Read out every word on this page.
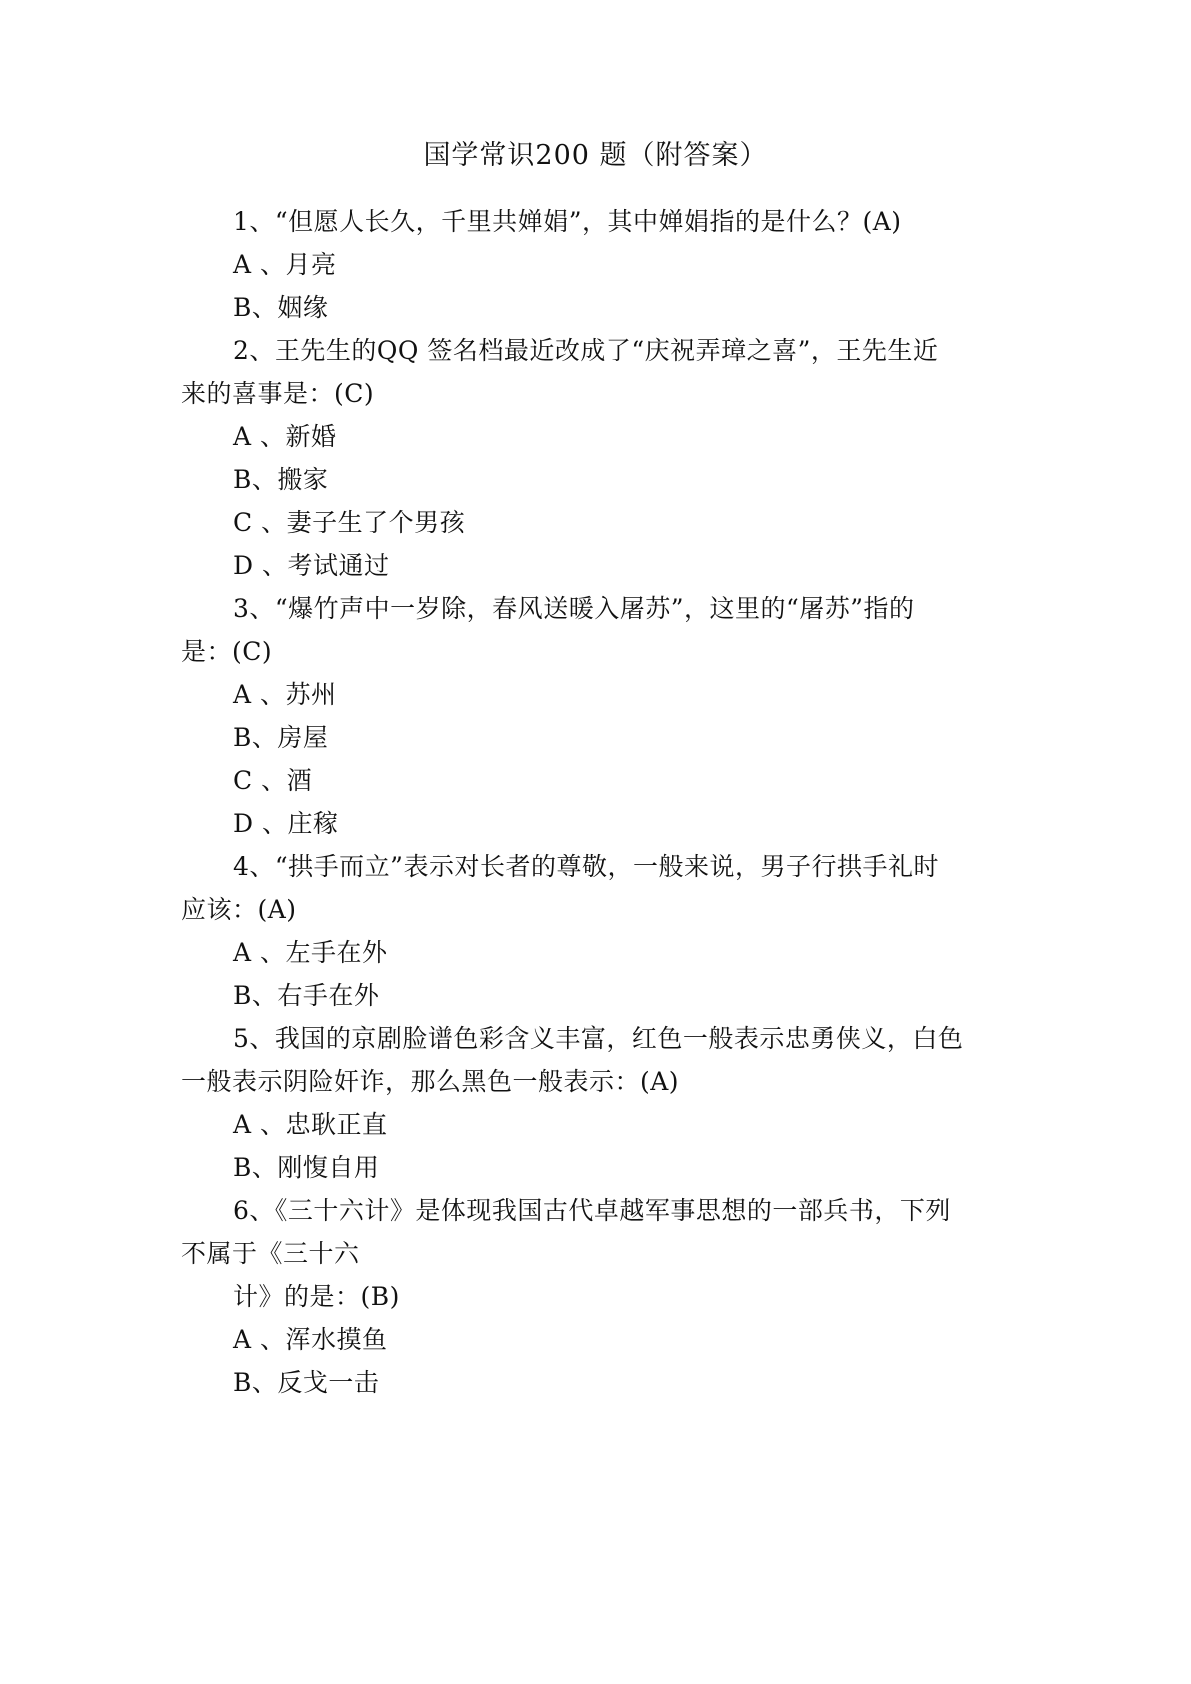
国学常识200 题（附答案）
1、“但愿人长久，千里共婵娟”，其中婵娟指的是什么？(A)
A 、月亮
B、姻缘
2、王先生的QQ 签名档最近改成了“庆祝弄璋之喜”，王先生近
来的喜事是：(C)
A 、新婚
B、搬家
C 、妻子生了个男孩
D 、考试通过
3、“爆竹声中一岁除，春风送暖入屠苏”，这里的“屠苏”指的
是：(C)
A 、苏州
B、房屋
C 、酒
D 、庄稼
4、“拱手而立”表示对长者的尊敬，一般来说，男子行拱手礼时
应该：(A)
A 、左手在外
B、右手在外
5、我国的京剧脸谱色彩含义丰富，红色一般表示忠勇侠义，白色
一般表示阴险奸诈，那么黑色一般表示：(A)
A 、忠耿正直
B、刚愎自用
6、《三十六计》是体现我国古代卓越军事思想的一部兵书，下列
不属于《三十六
计》的是：(B)
A 、浑水摸鱼
B、反戈一击
